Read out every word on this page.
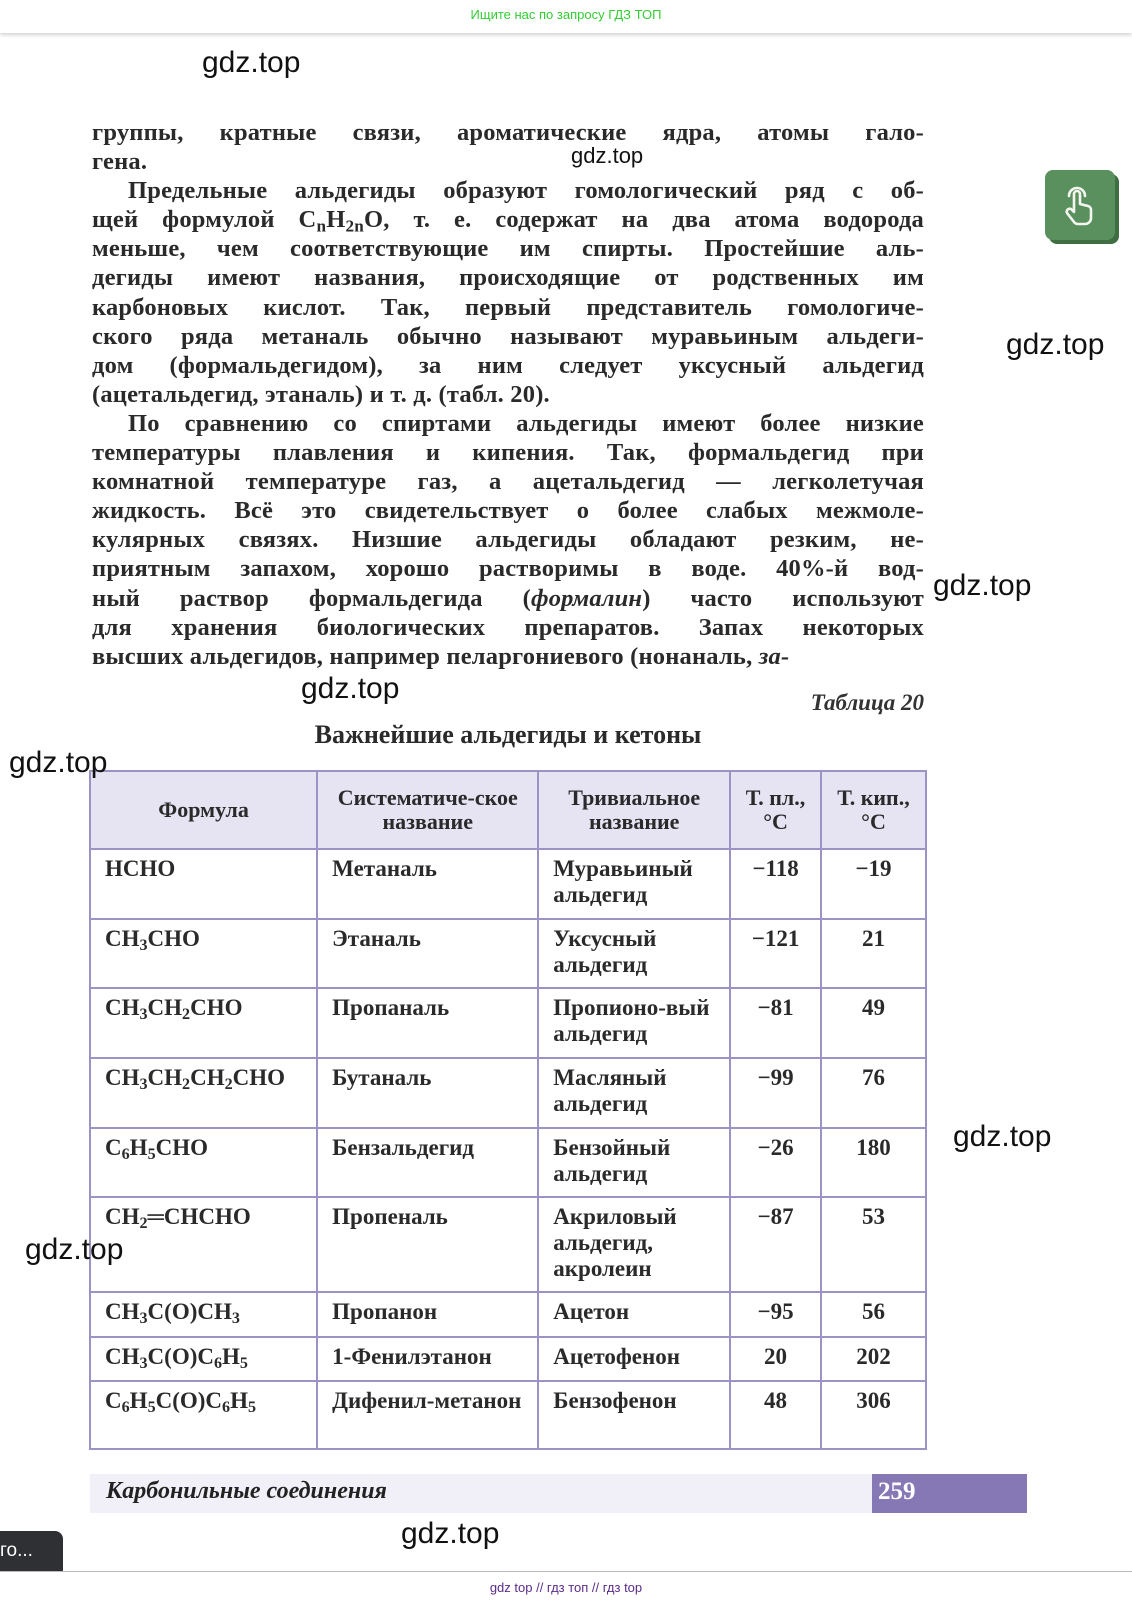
Ищите нас по запросу ГДЗ ТОП
gdz.top
gdz.top
gdz.top
gdz.top
gdz.top
gdz.top
gdz.top
gdz.top
gdz.top
группы, кратные связи, ароматические ядра, атомы гало-
гена.
Предельные альдегиды образуют гомологический ряд с об-
щей формулой $C_nH_{2n}O$, т. е. содержат на два атома водорода
меньше, чем соответствующие им спирты. Простейшие аль-
дегиды имеют названия, происходящие от родственных им
карбоновых кислот. Так, первый представитель гомологиче-
ского ряда метаналь обычно называют муравьиным альдеги-
дом (формальдегидом), за ним следует уксусный альдегид
(ацетальдегид, этаналь) и т. д. (табл. 20).
По сравнению со спиртами альдегиды имеют более низкие
температуры плавления и кипения. Так, формальдегид при
комнатной температуре газ, а ацетальдегид — легколетучая
жидкость. Всё это свидетельствует о более слабых межмоле-
кулярных связях. Низшие альдегиды обладают резким, не-
приятным запахом, хорошо растворимы в воде. 40%-й вод-
ный раствор формальдегида (формалин) часто используют
для хранения биологических препаратов. Запах некоторых
высших альдегидов, например пеларгониевого (нонаналь, за-
Таблица 20
Важнейшие альдегиды и кетоны
Формула	Систематиче-ское название	Тривиальное название	Т. пл., °С	Т. кип., °С
HCHO	Метаналь	Муравьиный альдегид	−118	−19
$CH_3CHO$	Этаналь	Уксусный альдегид	−121	21
$CH_3CH_2CHO$	Пропаналь	Пропионо-вый альдегид	−81	49
$CH_3CH_2CH_2CHO$	Бутаналь	Масляный альдегид	−99	76
$C_6H_5CHO$	Бензальдегид	Бензойный альдегид	−26	180
$CH_2═CHCHO$	Пропеналь	Акриловый альдегид, акролеин	−87	53
$CH_3C(O)CH_3$	Пропанон	Ацетон	−95	56
$CH_3C(O)C_6H_5$	1-Фенилэтанон	Ацетофенон	20	202
$C_6H_5C(O)C_6H_5$	Дифенил-метанон	Бензофенон	48	306
Карбонильные соединения	259
го...
gdz top // гдз топ // гдз top
